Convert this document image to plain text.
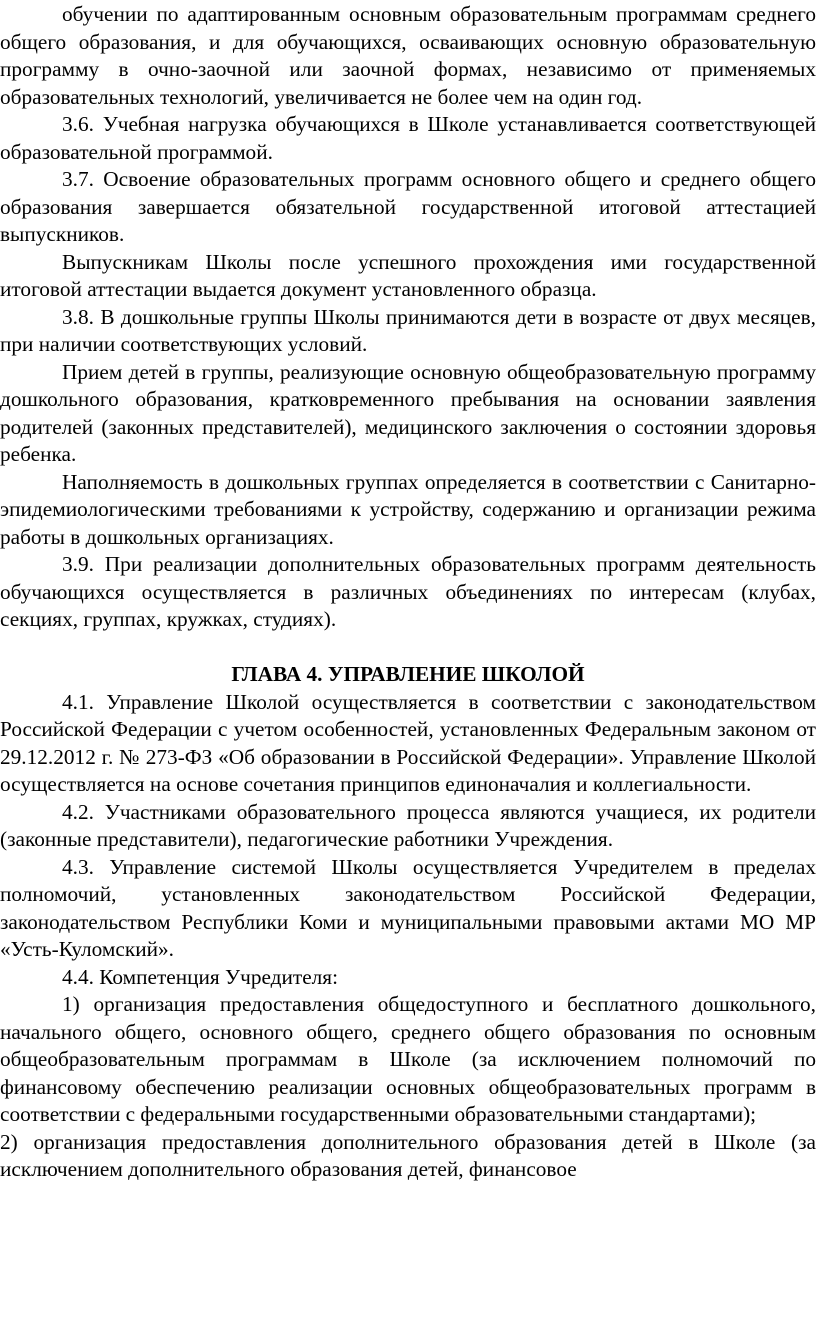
обучении по адаптированным основным образовательным программам среднего общего образования, и для обучающихся, осваивающих основную образовательную программу в очно-заочной или заочной формах, независимо от применяемых образовательных технологий, увеличивается не более чем на один год.

3.6. Учебная нагрузка обучающихся в Школе устанавливается соответствующей образовательной программой.

3.7. Освоение образовательных программ основного общего и среднего общего образования завершается обязательной государственной итоговой аттестацией выпускников.

Выпускникам Школы после успешного прохождения ими государственной итоговой аттестации выдается документ установленного образца.

3.8. В дошкольные группы Школы принимаются дети в возрасте от двух месяцев, при наличии соответствующих условий.

Прием детей в группы, реализующие основную общеобразовательную программу дошкольного образования, кратковременного пребывания на основании заявления родителей (законных представителей), медицинского заключения о состоянии здоровья ребенка.

Наполняемость в дошкольных группах определяется в соответствии с Санитарно-эпидемиологическими требованиями к устройству, содержанию и организации режима работы в дошкольных организациях.

3.9. При реализации дополнительных образовательных программ деятельность обучающихся осуществляется в различных объединениях по интересам (клубах, секциях, группах, кружках, студиях).

ГЛАВА 4. УПРАВЛЕНИЕ ШКОЛОЙ

4.1. Управление Школой осуществляется в соответствии с законодательством Российской Федерации с учетом особенностей, установленных Федеральным законом от 29.12.2012 г. № 273-ФЗ «Об образовании в Российской Федерации». Управление Школой осуществляется на основе сочетания принципов единоначалия и коллегиальности.

4.2. Участниками образовательного процесса являются учащиеся, их родители (законные представители), педагогические работники Учреждения.

4.3. Управление системой Школы осуществляется Учредителем в пределах полномочий, установленных законодательством Российской Федерации, законодательством Республики Коми и муниципальными правовыми актами МО МР «Усть-Куломский».

4.4. Компетенция Учредителя:

1) организация предоставления общедоступного и бесплатного дошкольного, начального общего, основного общего, среднего общего образования по основным общеобразовательным программам в Школе (за исключением полномочий по финансовому обеспечению реализации основных общеобразовательных программ в соответствии с федеральными государственными образовательными стандартами);

2) организация предоставления дополнительного образования детей в Школе (за исключением дополнительного образования детей, финансовое
